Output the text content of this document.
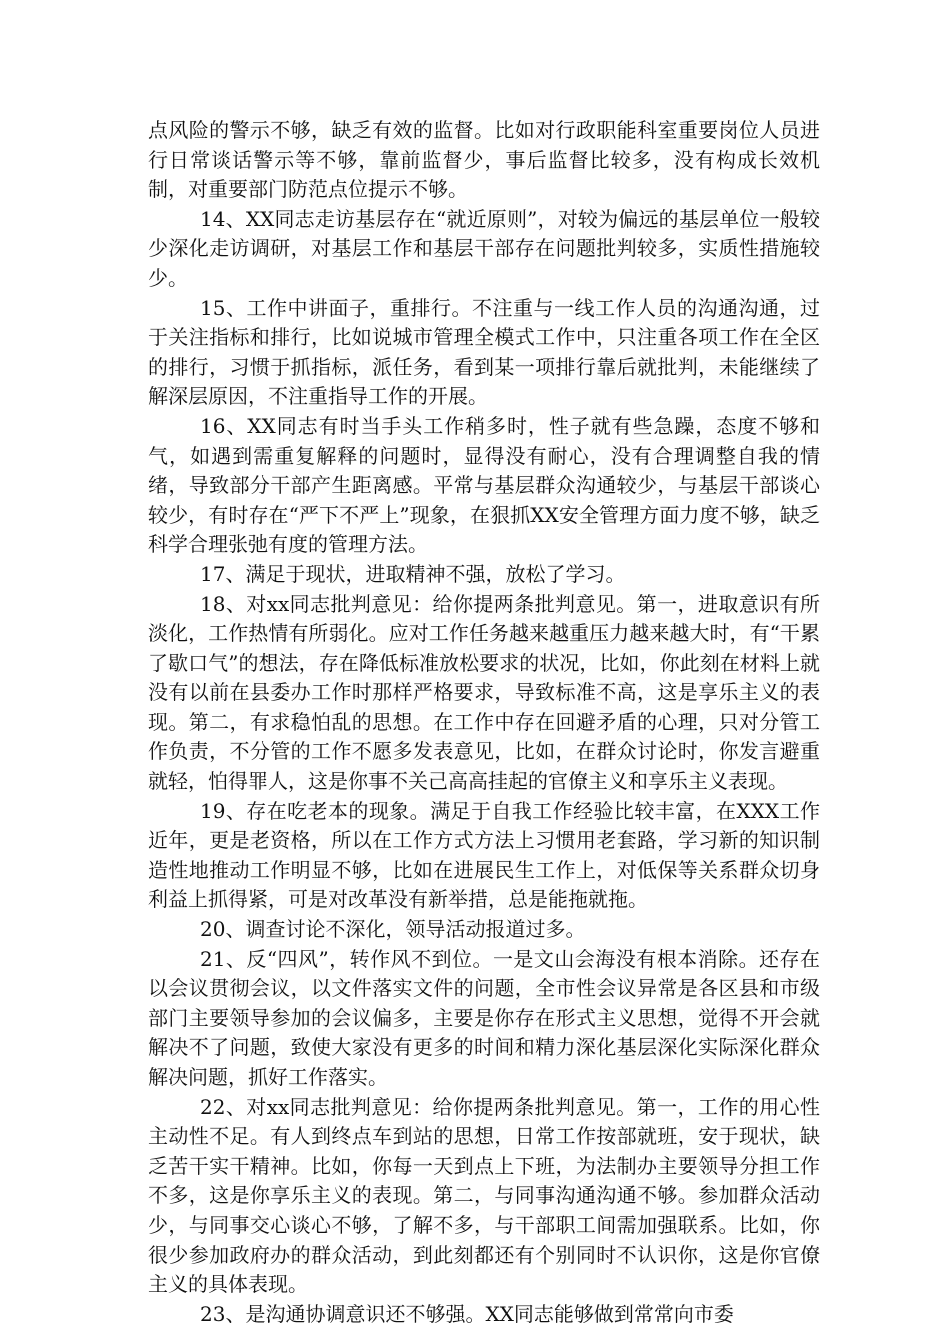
点风险的警示不够，缺乏有效的监督。比如对行政职能科室重要岗位人员进行日常谈话警示等不够，靠前监督少，事后监督比较多，没有构成长效机制，对重要部门防范点位提示不够。

14、XX同志走访基层存在“就近原则”，对较为偏远的基层单位一般较少深化走访调研，对基层工作和基层干部存在问题批判较多，实质性措施较少。

15、工作中讲面子，重排行。不注重与一线工作人员的沟通沟通，过于关注指标和排行，比如说城市管理全模式工作中，只注重各项工作在全区的排行，习惯于抓指标，派任务，看到某一项排行靠后就批判，未能继续了解深层原因，不注重指导工作的开展。

16、XX同志有时当手头工作稍多时，性子就有些急躁，态度不够和气，如遇到需重复解释的问题时，显得没有耐心，没有合理调整自我的情绪，导致部分干部产生距离感。平常与基层群众沟通较少，与基层干部谈心较少，有时存在“严下不严上”现象，在狠抓XX安全管理方面力度不够，缺乏科学合理张弛有度的管理方法。

17、满足于现状，进取精神不强，放松了学习。

18、对xx同志批判意见：给你提两条批判意见。第一，进取意识有所淡化，工作热情有所弱化。应对工作任务越来越重压力越来越大时，有“干累了歇口气”的想法，存在降低标准放松要求的状况，比如，你此刻在材料上就没有以前在县委办工作时那样严格要求，导致标准不高，这是享乐主义的表现。第二，有求稳怕乱的思想。在工作中存在回避矛盾的心理，只对分管工作负责，不分管的工作不愿多发表意见，比如，在群众讨论时，你发言避重就轻，怕得罪人，这是你事不关己高高挂起的官僚主义和享乐主义表现。

19、存在吃老本的现象。满足于自我工作经验比较丰富，在XXX工作近年，更是老资格，所以在工作方式方法上习惯用老套路，学习新的知识制造性地推动工作明显不够，比如在进展民生工作上，对低保等关系群众切身利益上抓得紧，可是对改革没有新举措，总是能拖就拖。

20、调查讨论不深化，领导活动报道过多。

21、反“四风”，转作风不到位。一是文山会海没有根本消除。还存在以会议贯彻会议，以文件落实文件的问题，全市性会议异常是各区县和市级部门主要领导参加的会议偏多，主要是你存在形式主义思想，觉得不开会就解决不了问题，致使大家没有更多的时间和精力深化基层深化实际深化群众解决问题，抓好工作落实。

22、对xx同志批判意见：给你提两条批判意见。第一，工作的用心性主动性不足。有人到终点车到站的思想，日常工作按部就班，安于现状，缺乏苦干实干精神。比如，你每一天到点上下班，为法制办主要领导分担工作不多，这是你享乐主义的表现。第二，与同事沟通沟通不够。参加群众活动少，与同事交心谈心不够，了解不多，与干部职工间需加强联系。比如，你很少参加政府办的群众活动，到此刻都还有个别同时不认识你，这是你官僚主义的具体表现。

23、是沟通协调意识还不够强。XX同志能够做到常常向市委
